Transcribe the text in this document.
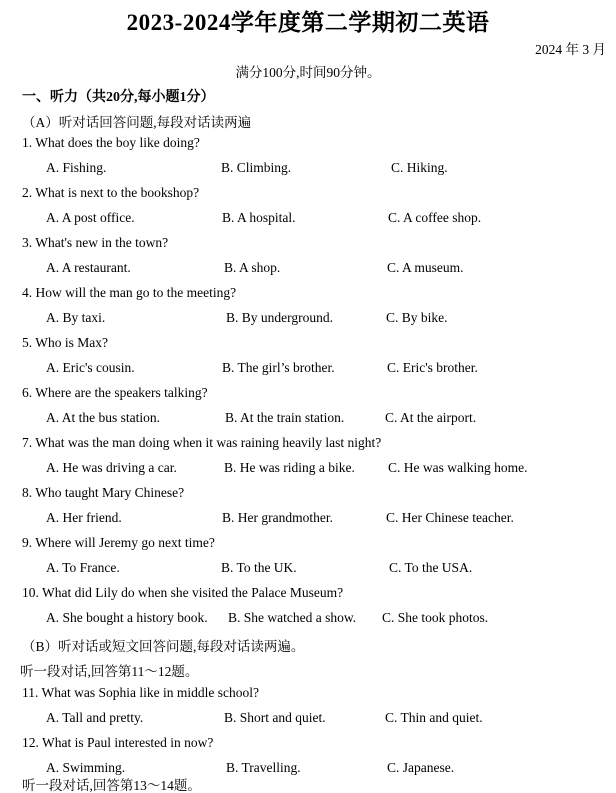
2023-2024学年度第二学期初二英语
2024 年 3 月
满分100分,时间90分钟。
一、听力（共20分,每小题1分）
（A）听对话回答问题,每段对话读两遍
1. What does the boy like doing?
A. Fishing.	B. Climbing.	C. Hiking.
2. What is next to the bookshop?
A. A post office.	B. A hospital.	C. A coffee shop.
3. What's new in the town?
A. A restaurant.	B. A shop.	C. A museum.
4. How will the man go to the meeting?
A. By taxi.	B. By underground.	C. By bike.
5. Who is Max?
A. Eric's cousin.	B. The girl’s brother.	C. Eric's brother.
6. Where are the speakers talking?
A. At the bus station.	B. At the train station.	C. At the airport.
7. What was the man doing when it was raining heavily last night?
A. He was driving a car.	B. He was riding a bike. C. He was walking home.
8. Who taught Mary Chinese?
A. Her friend.	B. Her grandmother.	C. Her Chinese teacher.
9. Where will Jeremy go next time?
A. To France.	B. To the UK.	C. To the USA.
10. What did Lily do when she visited the Palace Museum?
A. She bought a history book. B. She watched a show. C. She took photos.
（B）听对话或短文回答问题,每段对话读两遍。
听一段对话,回答第11～12题。
11. What was Sophia like in middle school?
A. Tall and pretty.	B. Short and quiet.	C. Thin and quiet.
12. What is Paul interested in now?
A. Swimming.	B. Travelling.	C. Japanese.
听一段对话,回答第13～14题。
